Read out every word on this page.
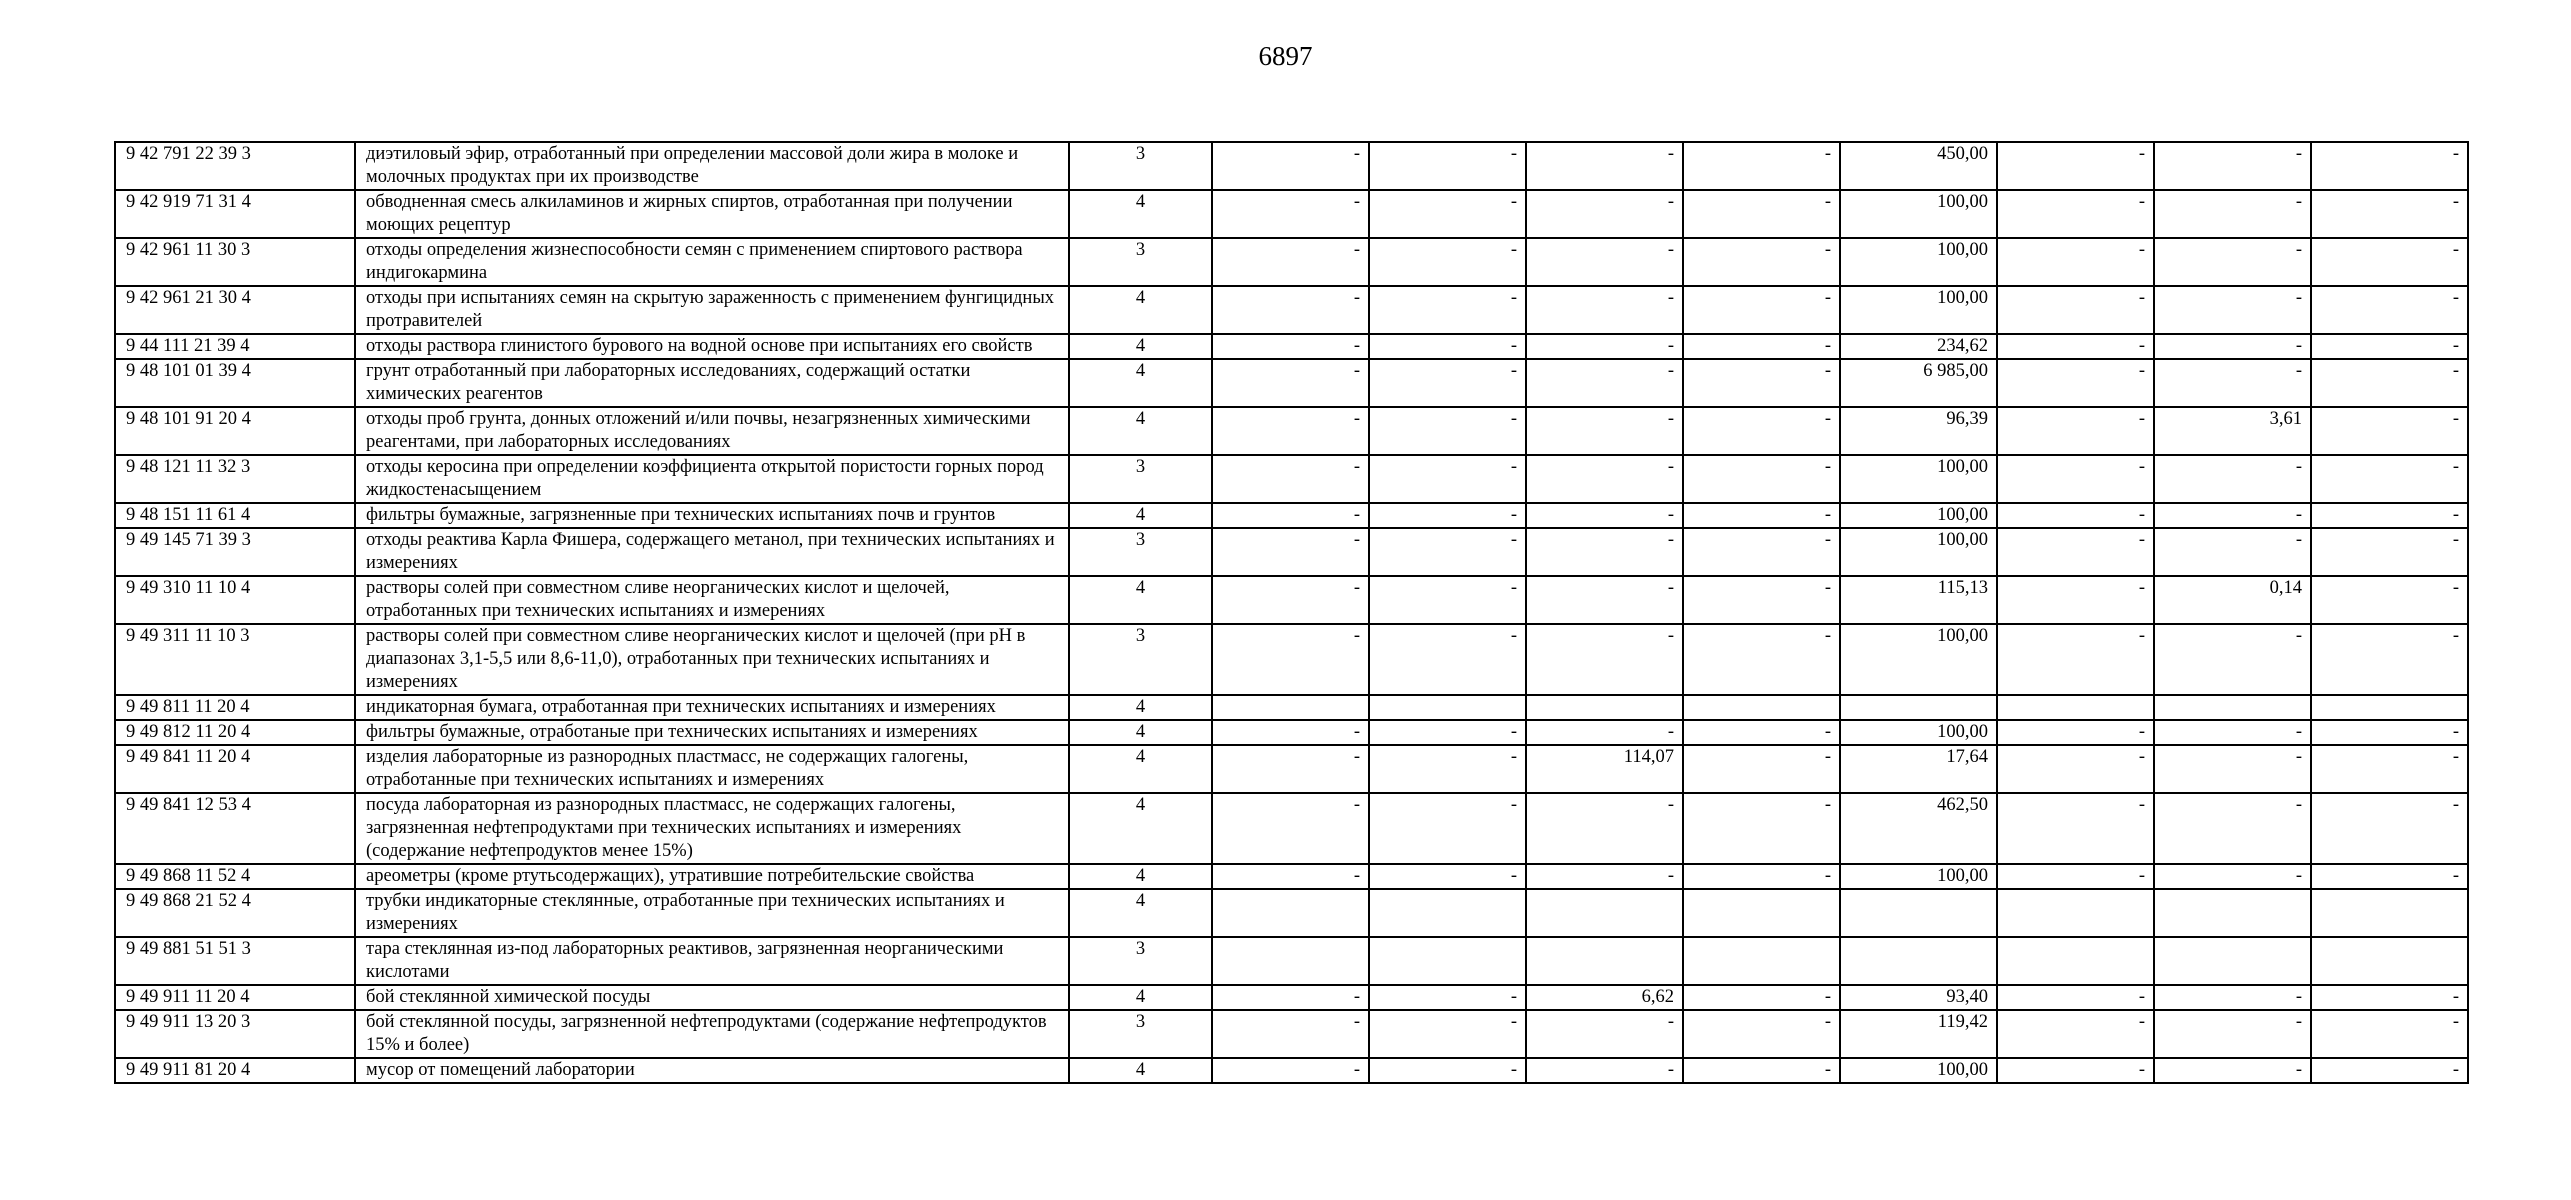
6897
9 42 791 22 39 3	диэтиловый эфир, отработанный при определении массовой доли жира в молоке и молочных продуктах при их производстве	3	-	-	-	-	450,00	-	-	-
9 42 919 71 31 4	обводненная смесь алкиламинов и жирных спиртов, отработанная при получении моющих рецептур	4	-	-	-	-	100,00	-	-	-
9 42 961 11 30 3	отходы определения жизнеспособности семян с применением спиртового раствора индигокармина	3	-	-	-	-	100,00	-	-	-
9 42 961 21 30 4	отходы при испытаниях семян на скрытую зараженность с применением фунгицидных протравителей	4	-	-	-	-	100,00	-	-	-
9 44 111 21 39 4	отходы раствора глинистого бурового на водной основе при испытаниях его свойств	4	-	-	-	-	234,62	-	-	-
9 48 101 01 39 4	грунт отработанный при лабораторных исследованиях, содержащий остатки химических реагентов	4	-	-	-	-	6 985,00	-	-	-
9 48 101 91 20 4	отходы проб грунта, донных отложений и/или почвы, незагрязненных химическими реагентами, при лабораторных исследованиях	4	-	-	-	-	96,39	-	3,61	-
9 48 121 11 32 3	отходы керосина при определении коэффициента открытой пористости горных пород жидкостенасыщением	3	-	-	-	-	100,00	-	-	-
9 48 151 11 61 4	фильтры бумажные, загрязненные при технических испытаниях почв и грунтов	4	-	-	-	-	100,00	-	-	-
9 49 145 71 39 3	отходы реактива Карла Фишера, содержащего метанол, при технических испытаниях и измерениях	3	-	-	-	-	100,00	-	-	-
9 49 310 11 10 4	растворы солей при совместном сливе неорганических кислот и щелочей, отработанных при технических испытаниях и измерениях	4	-	-	-	-	115,13	-	0,14	-
9 49 311 11 10 3	растворы солей при совместном сливе неорганических кислот и щелочей (при pH в диапазонах 3,1-5,5 или 8,6-11,0), отработанных при технических испытаниях и измерениях	3	-	-	-	-	100,00	-	-	-
9 49 811 11 20 4	индикаторная бумага, отработанная при технических испытаниях и измерениях	4								
9 49 812 11 20 4	фильтры бумажные, отработаные при технических испытаниях и измерениях	4	-	-	-	-	100,00	-	-	-
9 49 841 11 20 4	изделия лабораторные из разнородных пластмасс, не содержащих галогены, отработанные при технических испытаниях и измерениях	4	-	-	114,07	-	17,64	-	-	-
9 49 841 12 53 4	посуда лабораторная из разнородных пластмасс, не содержащих галогены, загрязненная нефтепродуктами при технических испытаниях и измерениях (содержание нефтепродуктов менее 15%)	4	-	-	-	-	462,50	-	-	-
9 49 868 11 52 4	ареометры (кроме ртутьсодержащих), утратившие потребительские свойства	4	-	-	-	-	100,00	-	-	-
9 49 868 21 52 4	трубки индикаторные стеклянные, отработанные при технических испытаниях и измерениях	4								
9 49 881 51 51 3	тара стеклянная из-под лабораторных реактивов, загрязненная неорганическими кислотами	3								
9 49 911 11 20 4	бой стеклянной химической посуды	4	-	-	6,62	-	93,40	-	-	-
9 49 911 13 20 3	бой стеклянной посуды, загрязненной нефтепродуктами (содержание нефтепродуктов 15% и более)	3	-	-	-	-	119,42	-	-	-
9 49 911 81 20 4	мусор от помещений лаборатории	4	-	-	-	-	100,00	-	-	-
